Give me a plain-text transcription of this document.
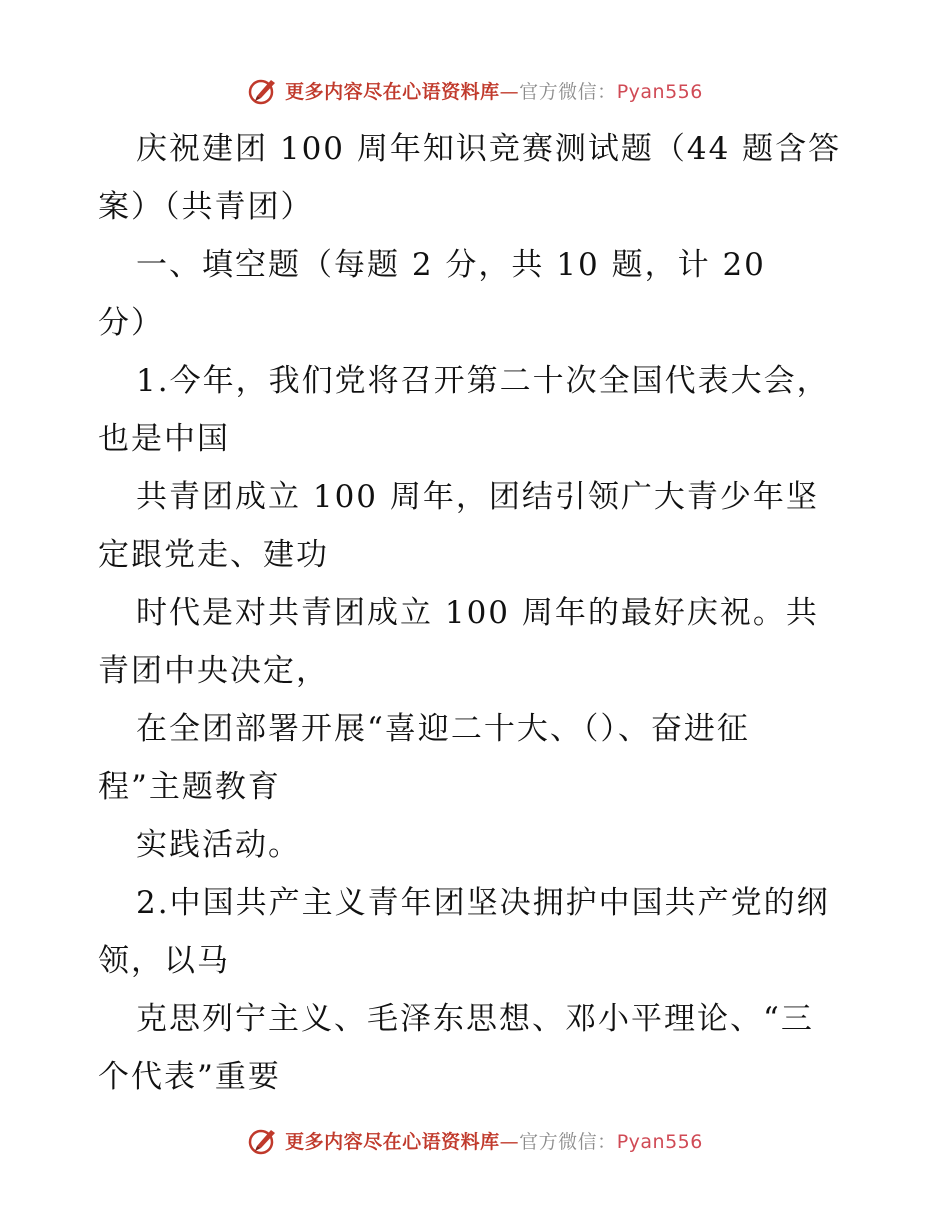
更多内容尽在心语资料库—官方微信：Pyan556
庆祝建团 100 周年知识竞赛测试题（44 题含答
案）（共青团）
一、填空题（每题 2 分，共 10 题，计 20
分）
1.今年，我们党将召开第二十次全国代表大会，
也是中国
共青团成立 100 周年，团结引领广大青少年坚
定跟党走、建功
时代是对共青团成立 100 周年的最好庆祝。共
青团中央决定，
在全团部署开展“喜迎二十大、（）、奋进征
程”主题教育
实践活动。
2.中国共产主义青年团坚决拥护中国共产党的纲
领，以马
克思列宁主义、毛泽东思想、邓小平理论、“三
个代表”重要
更多内容尽在心语资料库—官方微信：Pyan556
